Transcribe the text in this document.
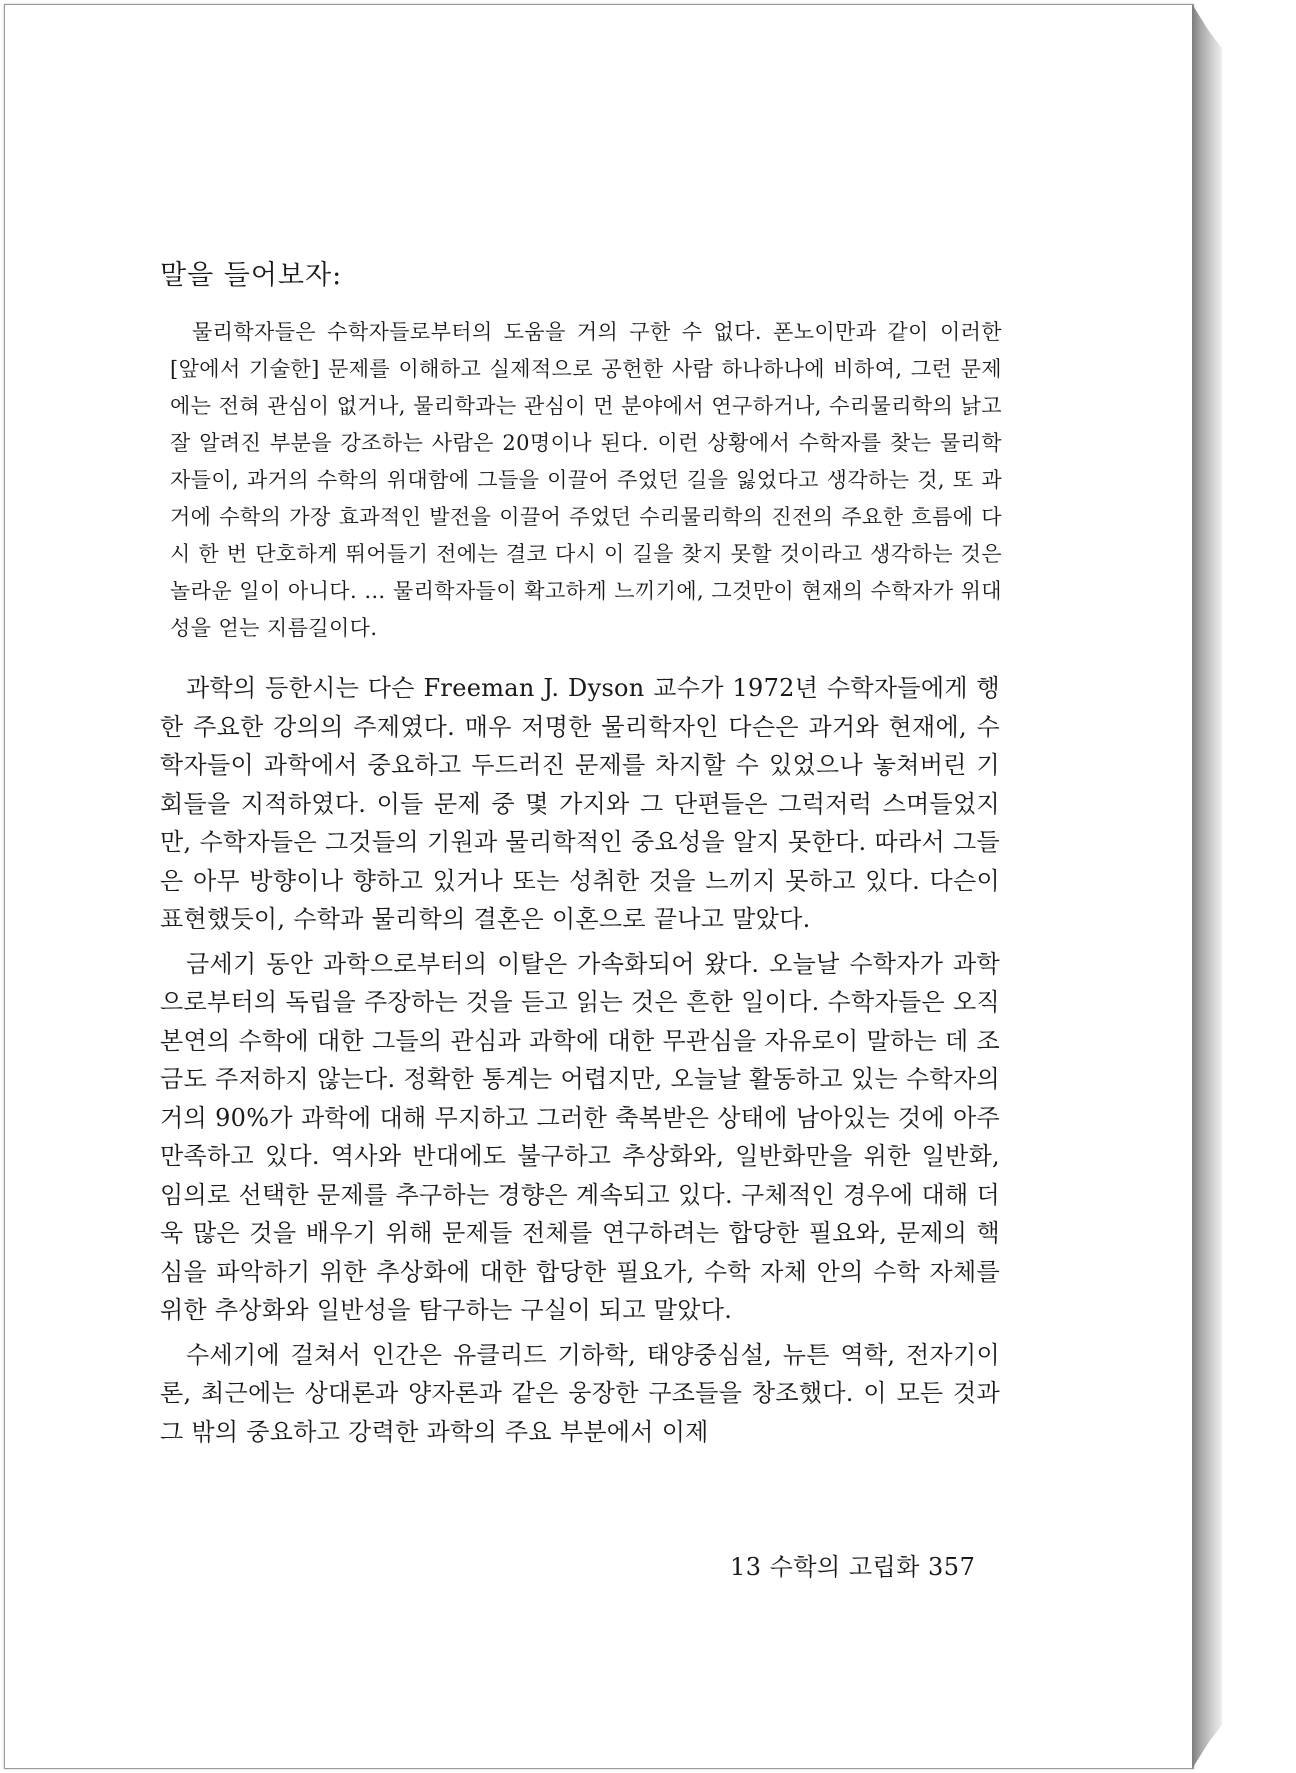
말을 들어보자:

물리학자들은 수학자들로부터의 도움을 거의 구한 수 없다. 폰노이만과 같이 이러한 [앞에서 기술한] 문제를 이해하고 실제적으로 공헌한 사람 하나하나에 비하여, 그런 문제에는 전혀 관심이 없거나, 물리학과는 관심이 먼 분야에서 연구하거나, 수리물리학의 낡고 잘 알려진 부분을 강조하는 사람은 20명이나 된다. 이런 상황에서 수학자를 찾는 물리학자들이, 과거의 수학의 위대함에 그들을 이끌어 주었던 길을 잃었다고 생각하는 것, 또 과거에 수학의 가장 효과적인 발전을 이끌어 주었던 수리물리학의 진전의 주요한 흐름에 다시 한 번 단호하게 뛰어들기 전에는 결코 다시 이 길을 찾지 못할 것이라고 생각하는 것은 놀라운 일이 아니다. … 물리학자들이 확고하게 느끼기에, 그것만이 현재의 수학자가 위대성을 얻는 지름길이다.

과학의 등한시는 다슨 Freeman J. Dyson 교수가 1972년 수학자들에게 행한 주요한 강의의 주제였다. 매우 저명한 물리학자인 다슨은 과거와 현재에, 수학자들이 과학에서 중요하고 두드러진 문제를 차지할 수 있었으나 놓쳐버린 기회들을 지적하였다. 이들 문제 중 몇 가지와 그 단편들은 그럭저럭 스며들었지만, 수학자들은 그것들의 기원과 물리학적인 중요성을 알지 못한다. 따라서 그들은 아무 방향이나 향하고 있거나 또는 성취한 것을 느끼지 못하고 있다. 다슨이 표현했듯이, 수학과 물리학의 결혼은 이혼으로 끝나고 말았다.

금세기 동안 과학으로부터의 이탈은 가속화되어 왔다. 오늘날 수학자가 과학으로부터의 독립을 주장하는 것을 듣고 읽는 것은 흔한 일이다. 수학자들은 오직 본연의 수학에 대한 그들의 관심과 과학에 대한 무관심을 자유로이 말하는 데 조금도 주저하지 않는다. 정확한 통계는 어렵지만, 오늘날 활동하고 있는 수학자의 거의 90%가 과학에 대해 무지하고 그러한 축복받은 상태에 남아있는 것에 아주 만족하고 있다. 역사와 반대에도 불구하고 추상화와, 일반화만을 위한 일반화, 임의로 선택한 문제를 추구하는 경향은 계속되고 있다. 구체적인 경우에 대해 더욱 많은 것을 배우기 위해 문제들 전체를 연구하려는 합당한 필요와, 문제의 핵심을 파악하기 위한 추상화에 대한 합당한 필요가, 수학 자체 안의 수학 자체를 위한 추상화와 일반성을 탐구하는 구실이 되고 말았다.

수세기에 걸쳐서 인간은 유클리드 기하학, 태양중심설, 뉴튼 역학, 전자기이론, 최근에는 상대론과 양자론과 같은 웅장한 구조들을 창조했다. 이 모든 것과 그 밖의 중요하고 강력한 과학의 주요 부분에서 이제

13 수학의 고립화 357
